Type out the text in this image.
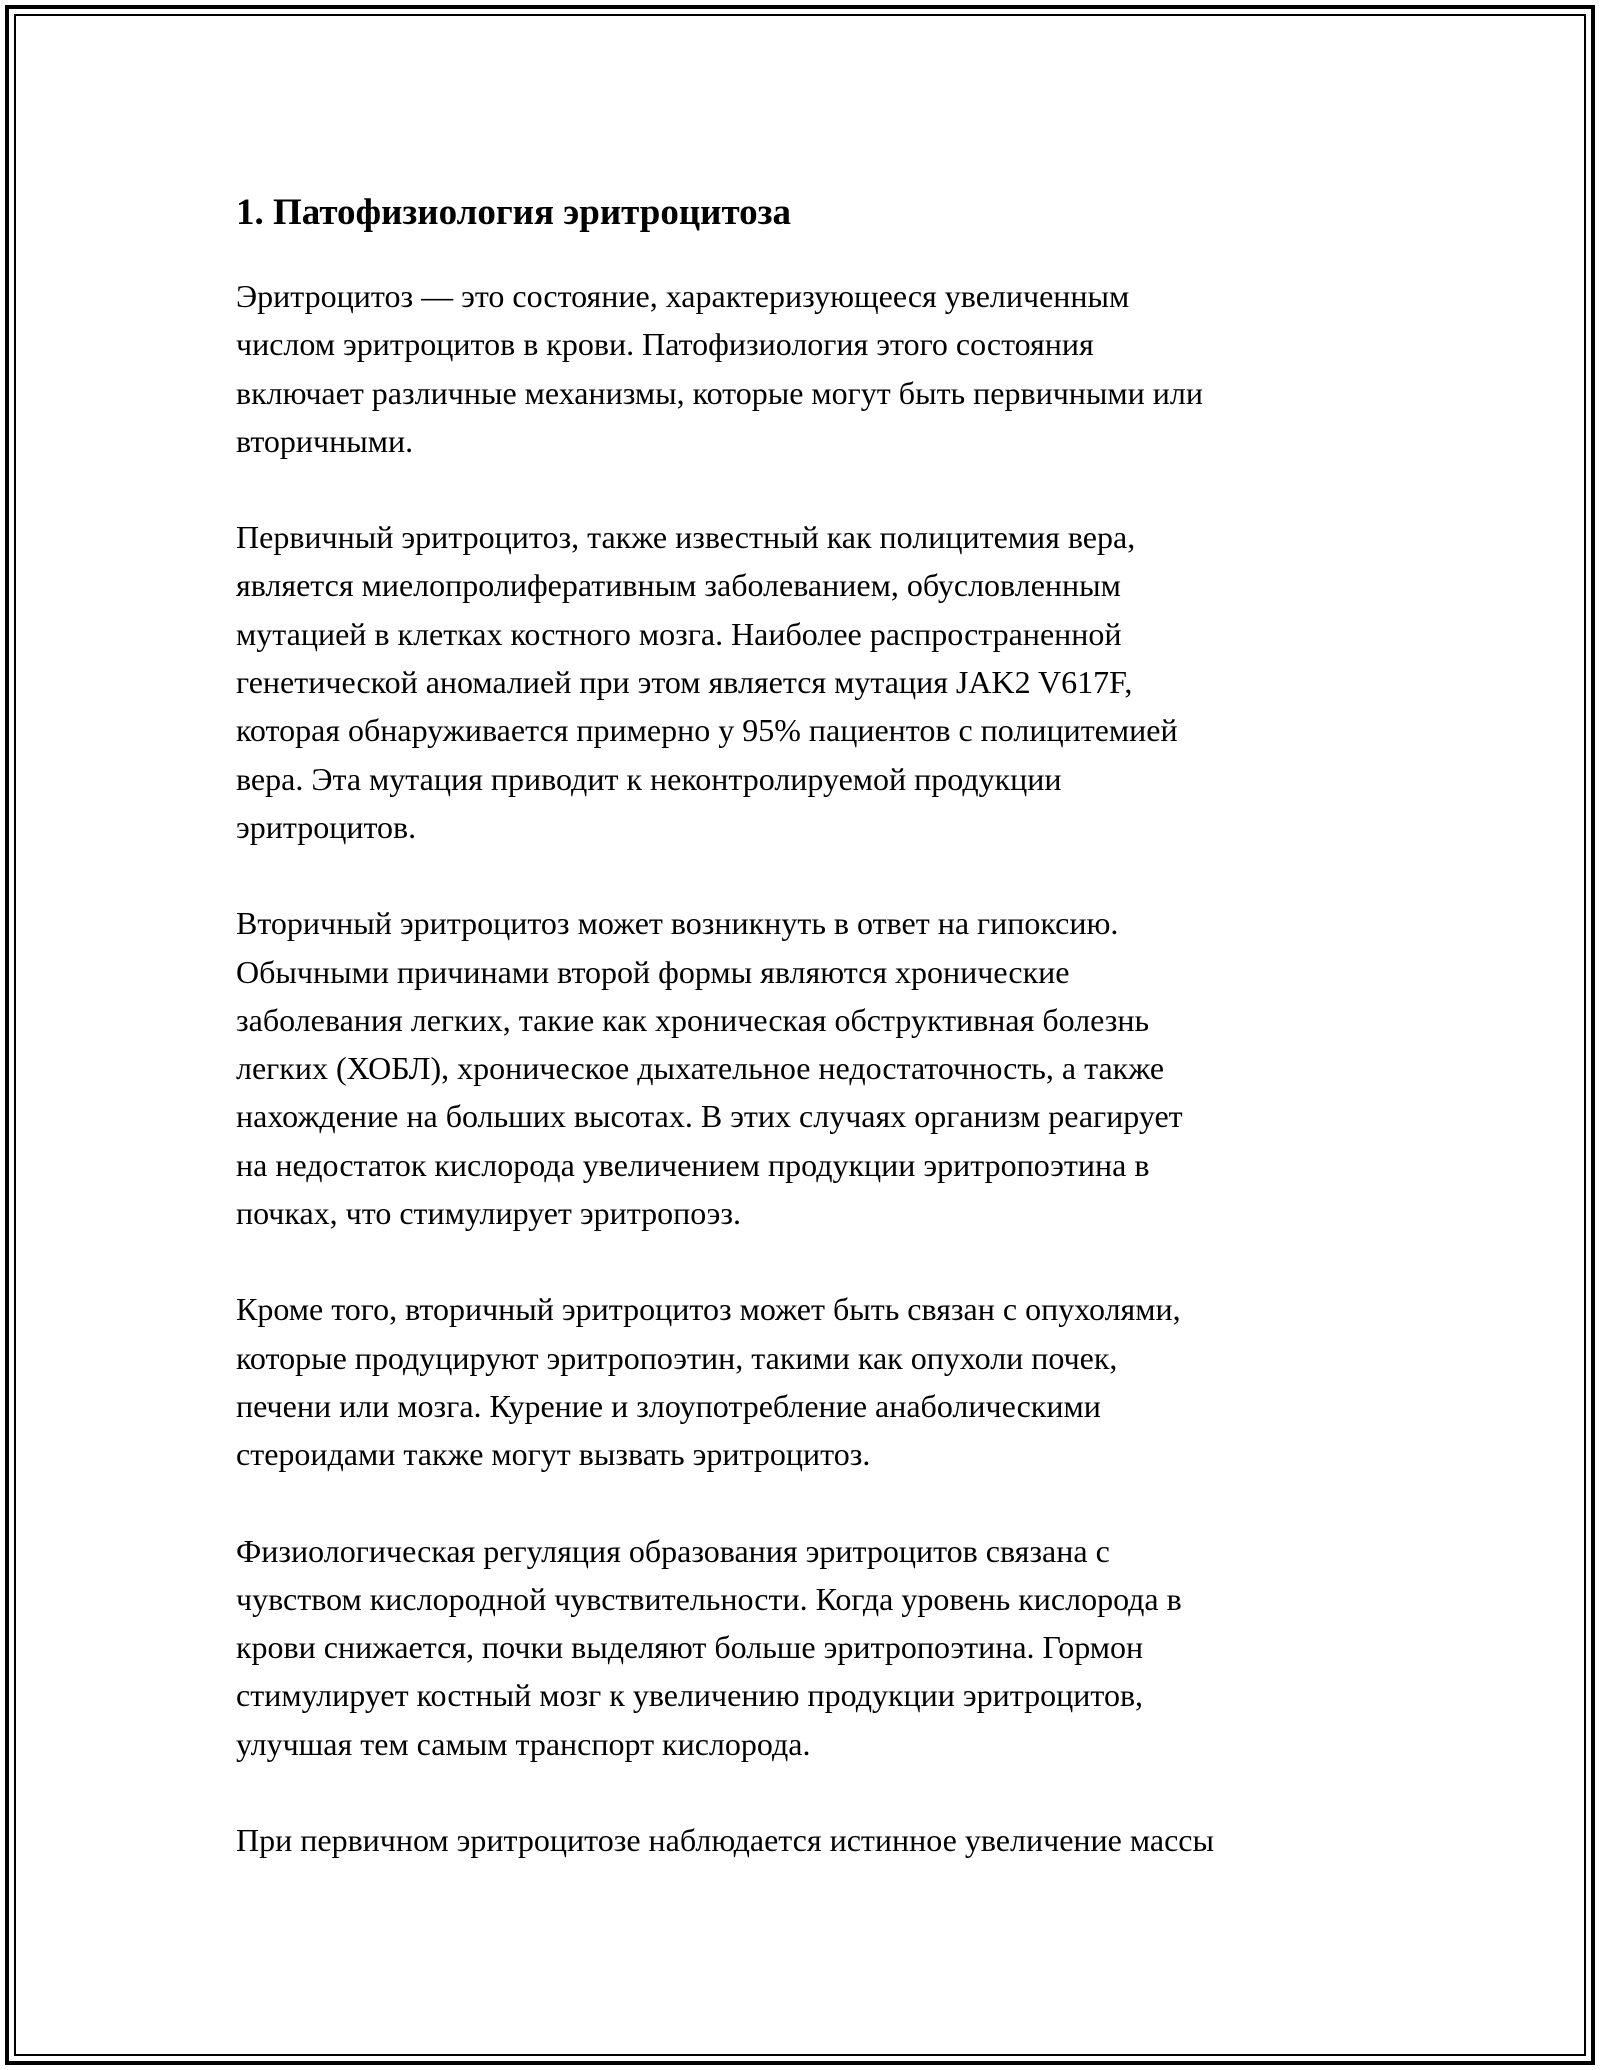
1. Патофизиология эритроцитоза

Эритроцитоз — это состояние, характеризующееся увеличенным
числом эритроцитов в крови. Патофизиология этого состояния
включает различные механизмы, которые могут быть первичными или
вторичными.

Первичный эритроцитоз, также известный как полицитемия вера,
является миелопролиферативным заболеванием, обусловленным
мутацией в клетках костного мозга. Наиболее распространенной
генетической аномалией при этом является мутация JAK2 V617F,
которая обнаруживается примерно у 95% пациентов с полицитемией
вера. Эта мутация приводит к неконтролируемой продукции
эритроцитов.

Вторичный эритроцитоз может возникнуть в ответ на гипоксию.
Обычными причинами второй формы являются хронические
заболевания легких, такие как хроническая обструктивная болезнь
легких (ХОБЛ), хроническое дыхательное недостаточность, а также
нахождение на больших высотах. В этих случаях организм реагирует
на недостаток кислорода увеличением продукции эритропоэтина в
почках, что стимулирует эритропоэз.

Кроме того, вторичный эритроцитоз может быть связан с опухолями,
которые продуцируют эритропоэтин, такими как опухоли почек,
печени или мозга. Курение и злоупотребление анаболическими
стероидами также могут вызвать эритроцитоз.

Физиологическая регуляция образования эритроцитов связана с
чувством кислородной чувствительности. Когда уровень кислорода в
крови снижается, почки выделяют больше эритропоэтина. Гормон
стимулирует костный мозг к увеличению продукции эритроцитов,
улучшая тем самым транспорт кислорода.

При первичном эритроцитозе наблюдается истинное увеличение массы
